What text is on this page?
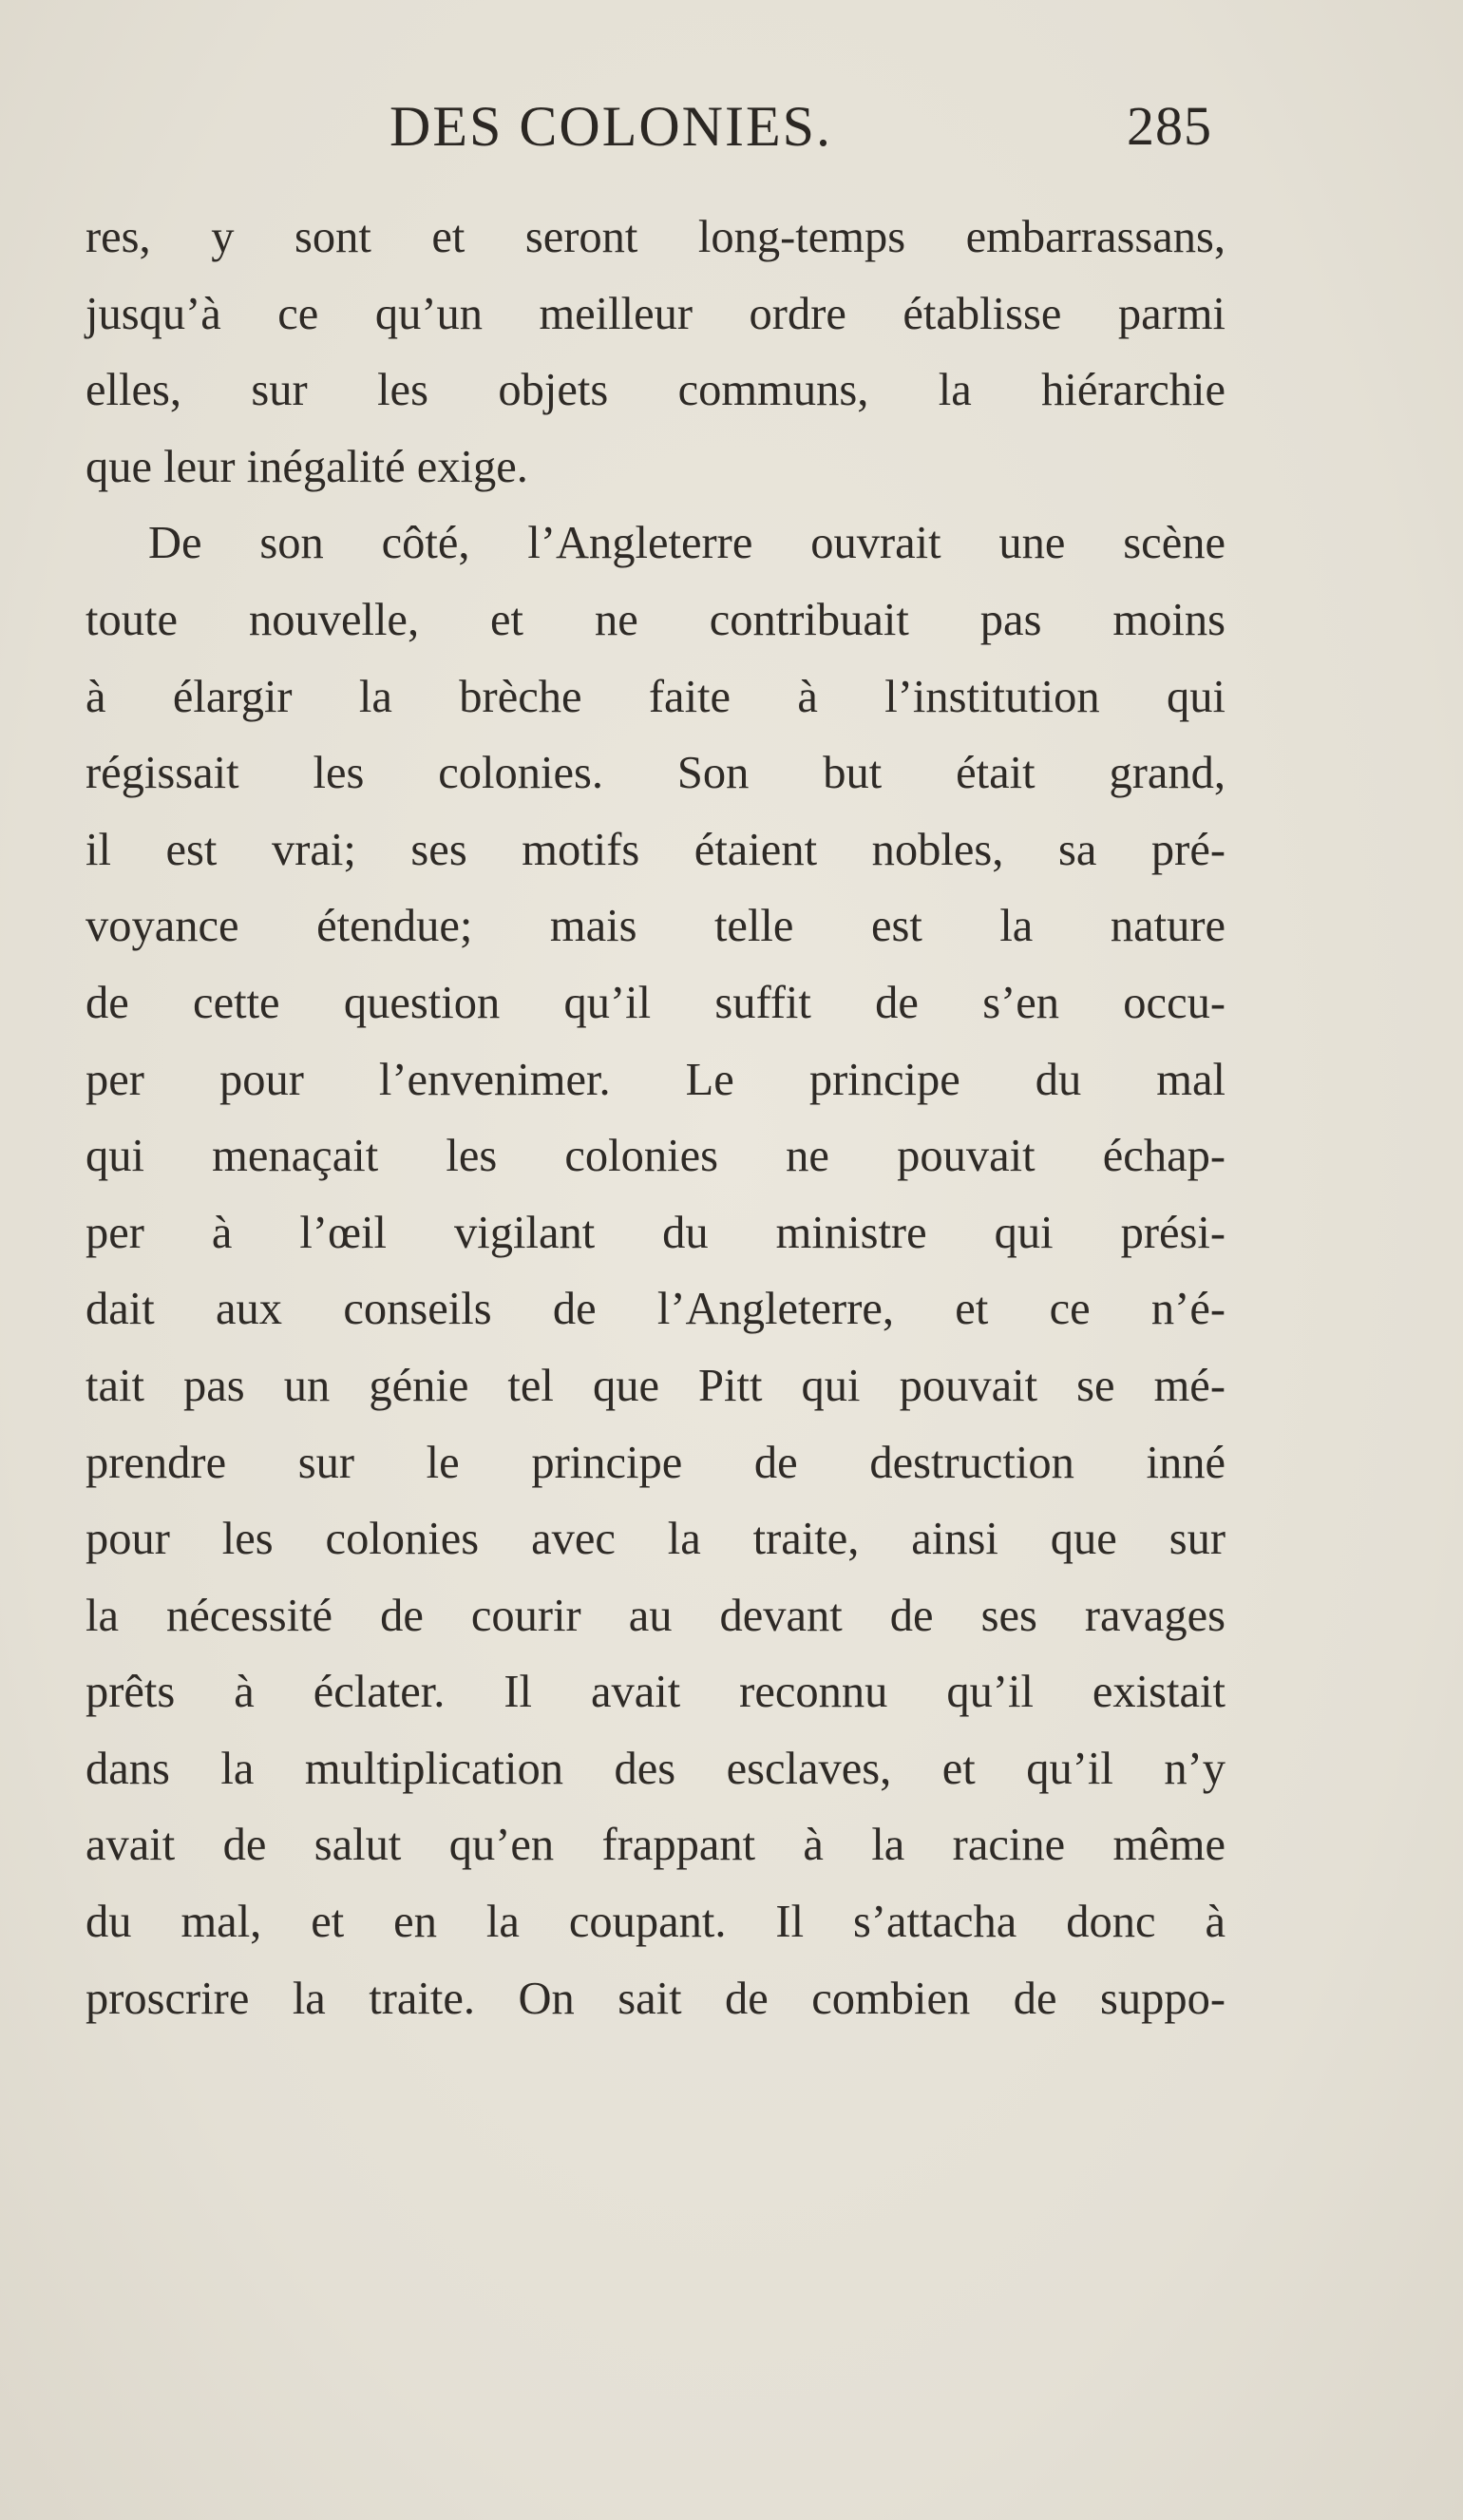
DES COLONIES.	285
res, y sont et seront long-temps embarrassans,
jusqu’à ce qu’un meilleur ordre établisse parmi
elles, sur les objets communs, la hiérarchie
que leur inégalité exige.
De son côté, l’Angleterre ouvrait une scène
toute nouvelle, et ne contribuait pas moins
à élargir la brèche faite à l’institution qui
régissait les colonies. Son but était grand,
il est vrai; ses motifs étaient nobles, sa pré-
voyance étendue; mais telle est la nature
de cette question qu’il suffit de s’en occu-
per pour l’envenimer. Le principe du mal
qui menaçait les colonies ne pouvait échap-
per à l’œil vigilant du ministre qui prési-
dait aux conseils de l’Angleterre, et ce n’é-
tait pas un génie tel que Pitt qui pouvait se mé-
prendre sur le principe de destruction inné
pour les colonies avec la traite, ainsi que sur
la nécessité de courir au devant de ses ravages
prêts à éclater. Il avait reconnu qu’il existait
dans la multiplication des esclaves, et qu’il n’y
avait de salut qu’en frappant à la racine même
du mal, et en la coupant. Il s’attacha donc à
proscrire la traite. On sait de combien de suppo-
